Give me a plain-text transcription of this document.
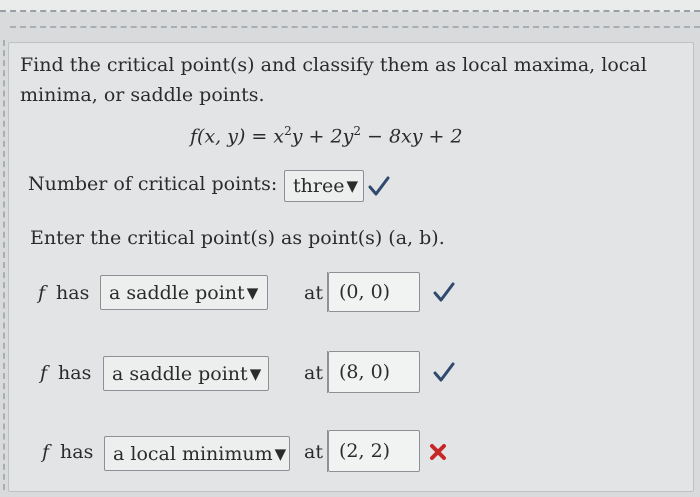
Find the critical point(s) and classify them as local maxima, local
minima, or saddle points.
f(x, $y) = x^2y + 2y^2 - 8xy + 2$
Number of critical points: three ▼
Enter the critical point(s) as point(s) (a, b).
f has a saddle point ▼ at (0, 0)
f has a saddle point ▼ at (8, 0)
f has a local minimum ▼ at (2, 2)
